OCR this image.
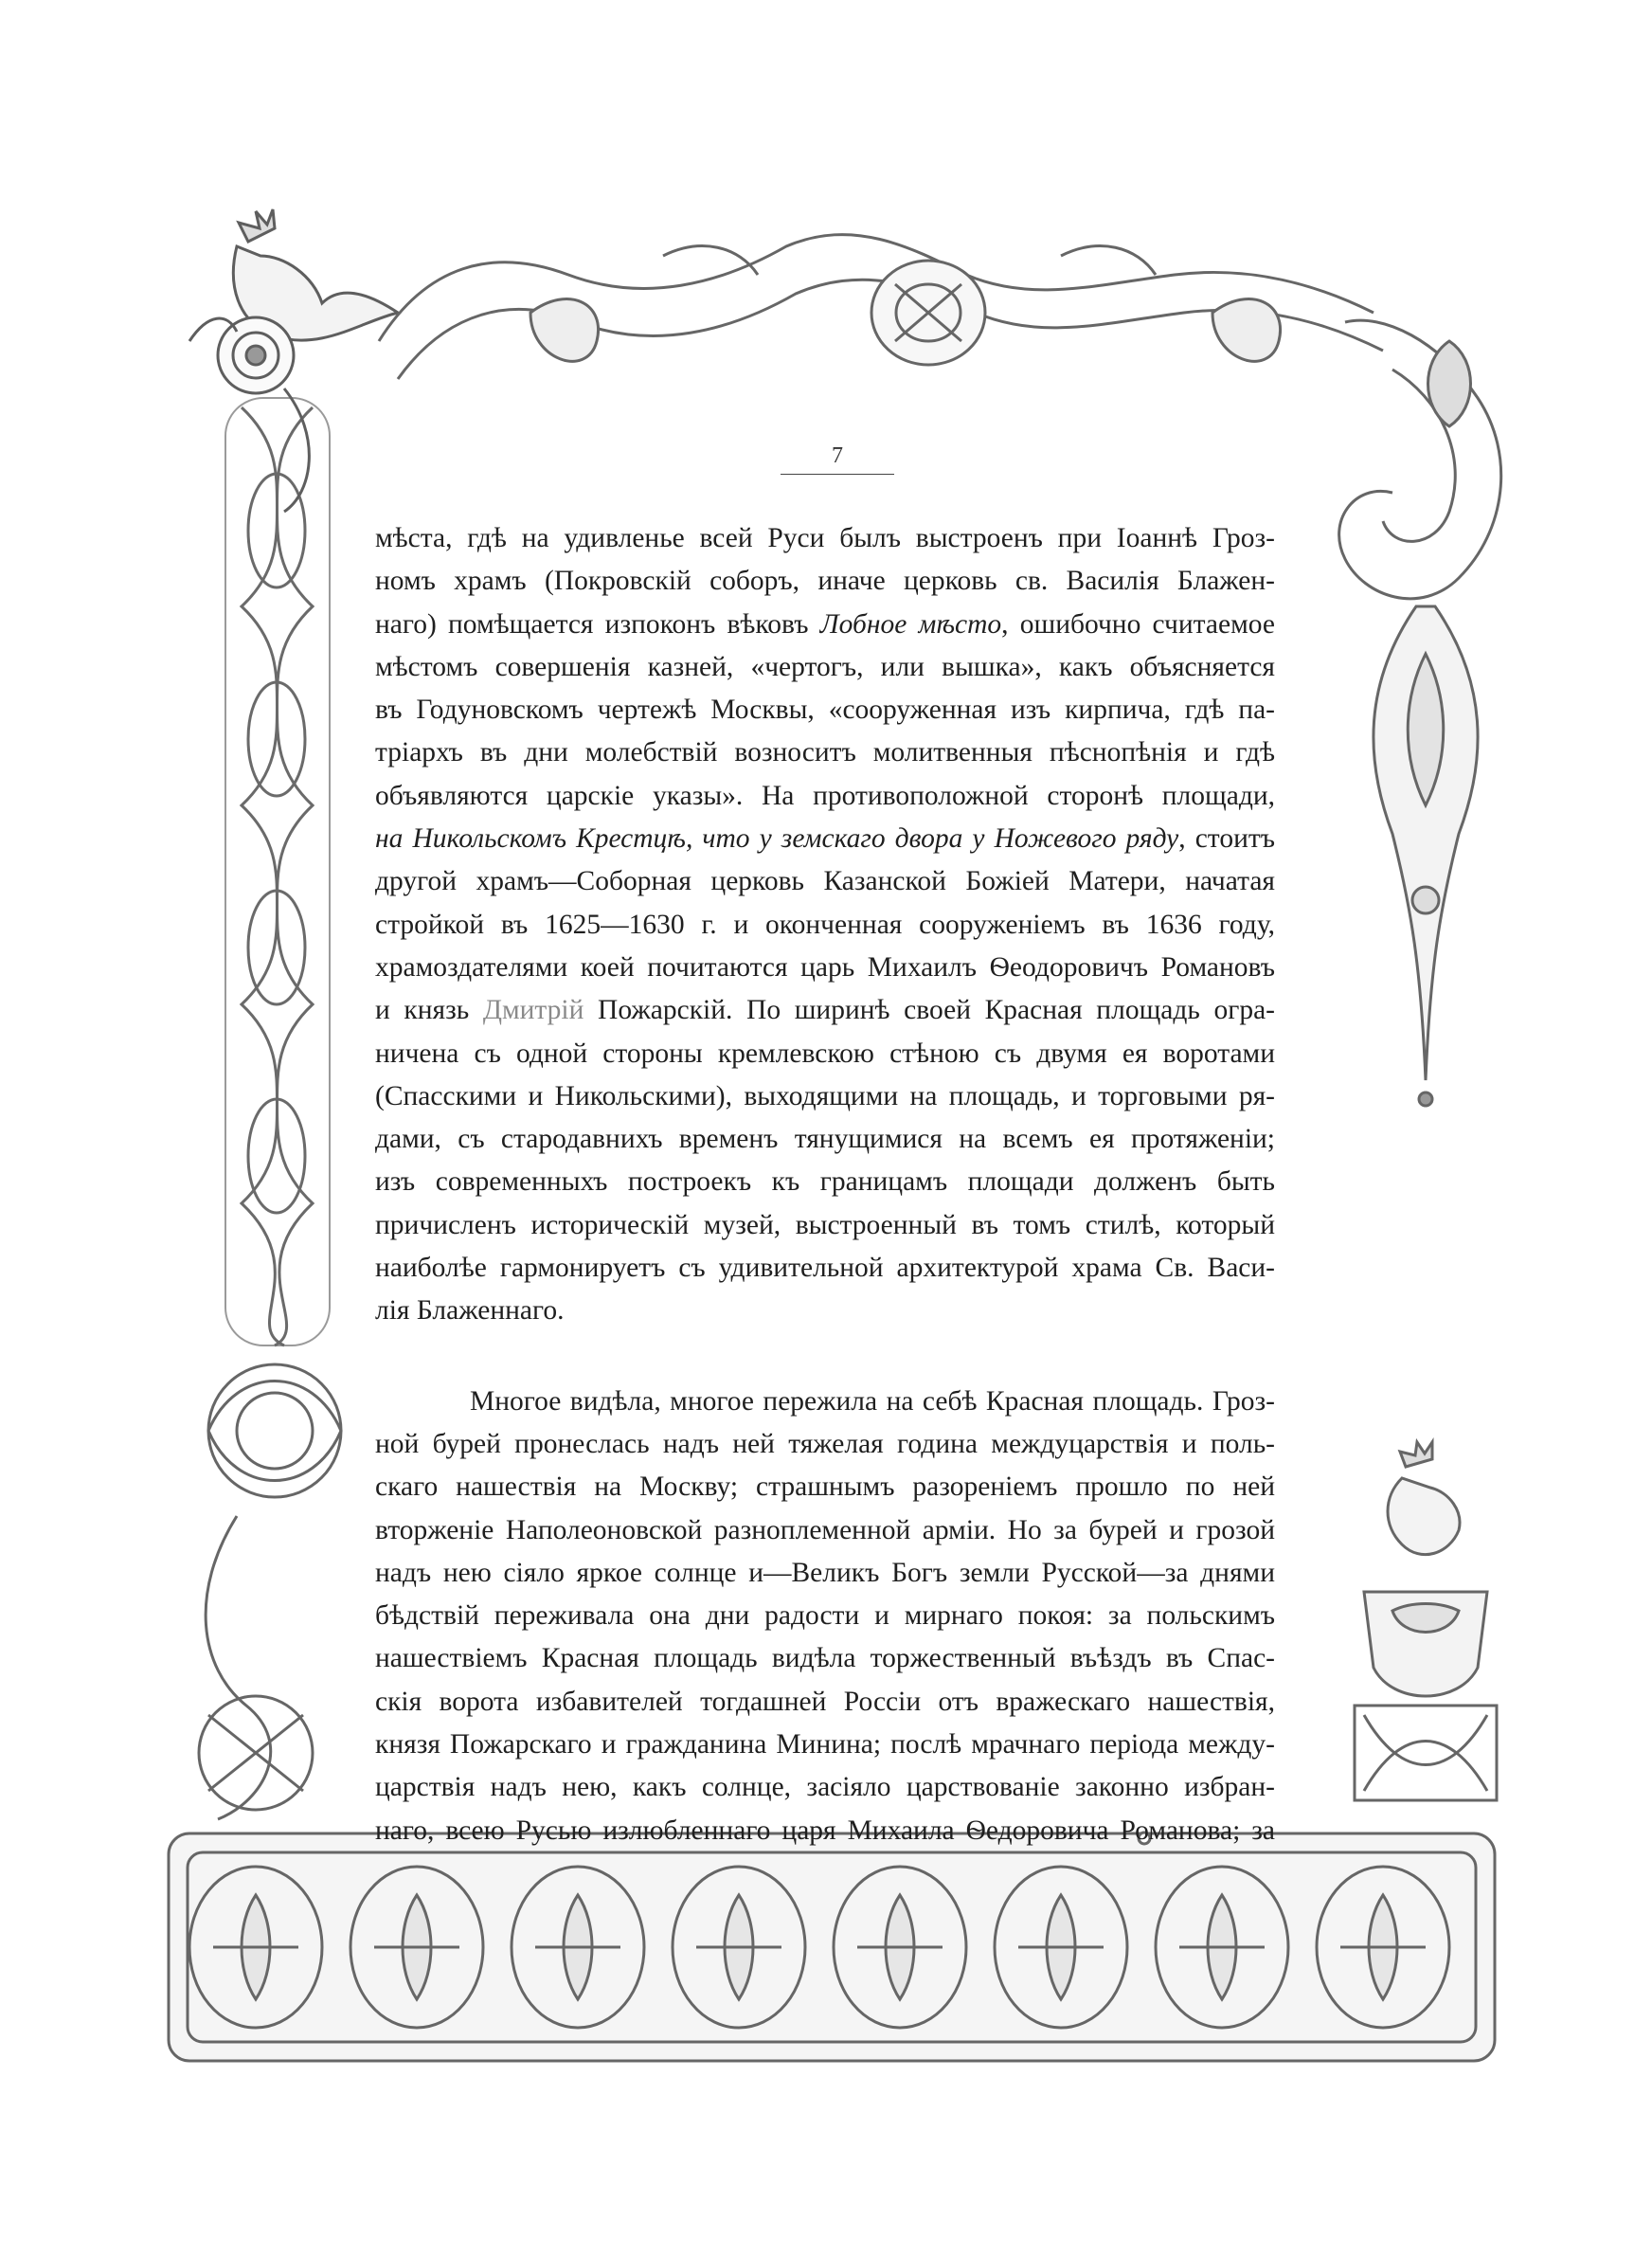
7

мѣста, гдѣ на удивленье всей Руси былъ выстроенъ при Іоаннѣ Гроз-
номъ храмъ (Покровскій соборъ, иначе церковь св. Василія Блажен-
наго) помѣщается изпоконъ вѣковъ Лобное мѣсто, ошибочно считаемое
мѣстомъ совершенія казней, «чертогъ, или вышка», какъ объясняется
въ Годуновскомъ чертежѣ Москвы, «сооруженная изъ кирпича, гдѣ па-
тріархъ въ дни молебствій возноситъ молитвенныя пѣснопѣнія и гдѣ
объявляются царскіе указы». На противоположной сторонѣ площади,
на Никольскомъ Крестцѣ, что у земскаго двора у Ножевого ряду, стоитъ
другой храмъ—Соборная церковь Казанской Божіей Матери, начатая
стройкой въ 1625—1630 г. и оконченная сооруженіемъ въ 1636 году,
храмоздателями коей почитаются царь Михаилъ Ѳеодоровичъ Романовъ
и князь Дмитрій Пожарскій. По ширинѣ своей Красная площадь огра-
ничена съ одной стороны кремлевскою стѣною съ двумя ея воротами
(Спасскими и Никольскими), выходящими на площадь, и торговыми ря-
дами, съ стародавнихъ временъ тянущимися на всемъ ея протяженіи;
изъ современныхъ построекъ къ границамъ площади долженъ быть
причисленъ историческій музей, выстроенный въ томъ стилѣ, который
наиболѣе гармонируетъ съ удивительной архитектурой храма Св. Васи-
лія Блаженнаго.

Многое видѣла, многое пережила на себѣ Красная площадь. Гроз-
ной бурей пронеслась надъ ней тяжелая година междуцарствія и поль-
скаго нашествія на Москву; страшнымъ разореніемъ прошло по ней
вторженіе Наполеоновской разноплеменной арміи. Но за бурей и грозой
надъ нею сіяло яркое солнце и—Великъ Богъ земли Русской—за днями
бѣдствій переживала она дни радости и мирнаго покоя: за польскимъ
нашествіемъ Красная площадь видѣла торжественный въѣздъ въ Спас-
скія ворота избавителей тогдашней Россіи отъ вражескаго нашествія,
князя Пожарскаго и гражданина Минина; послѣ мрачнаго періода между-
царствія надъ нею, какъ солнце, засіяло царствованіе законно избран-
наго, всею Русью излюбленнаго царя Михаила Ѳедоровича Романова; за
